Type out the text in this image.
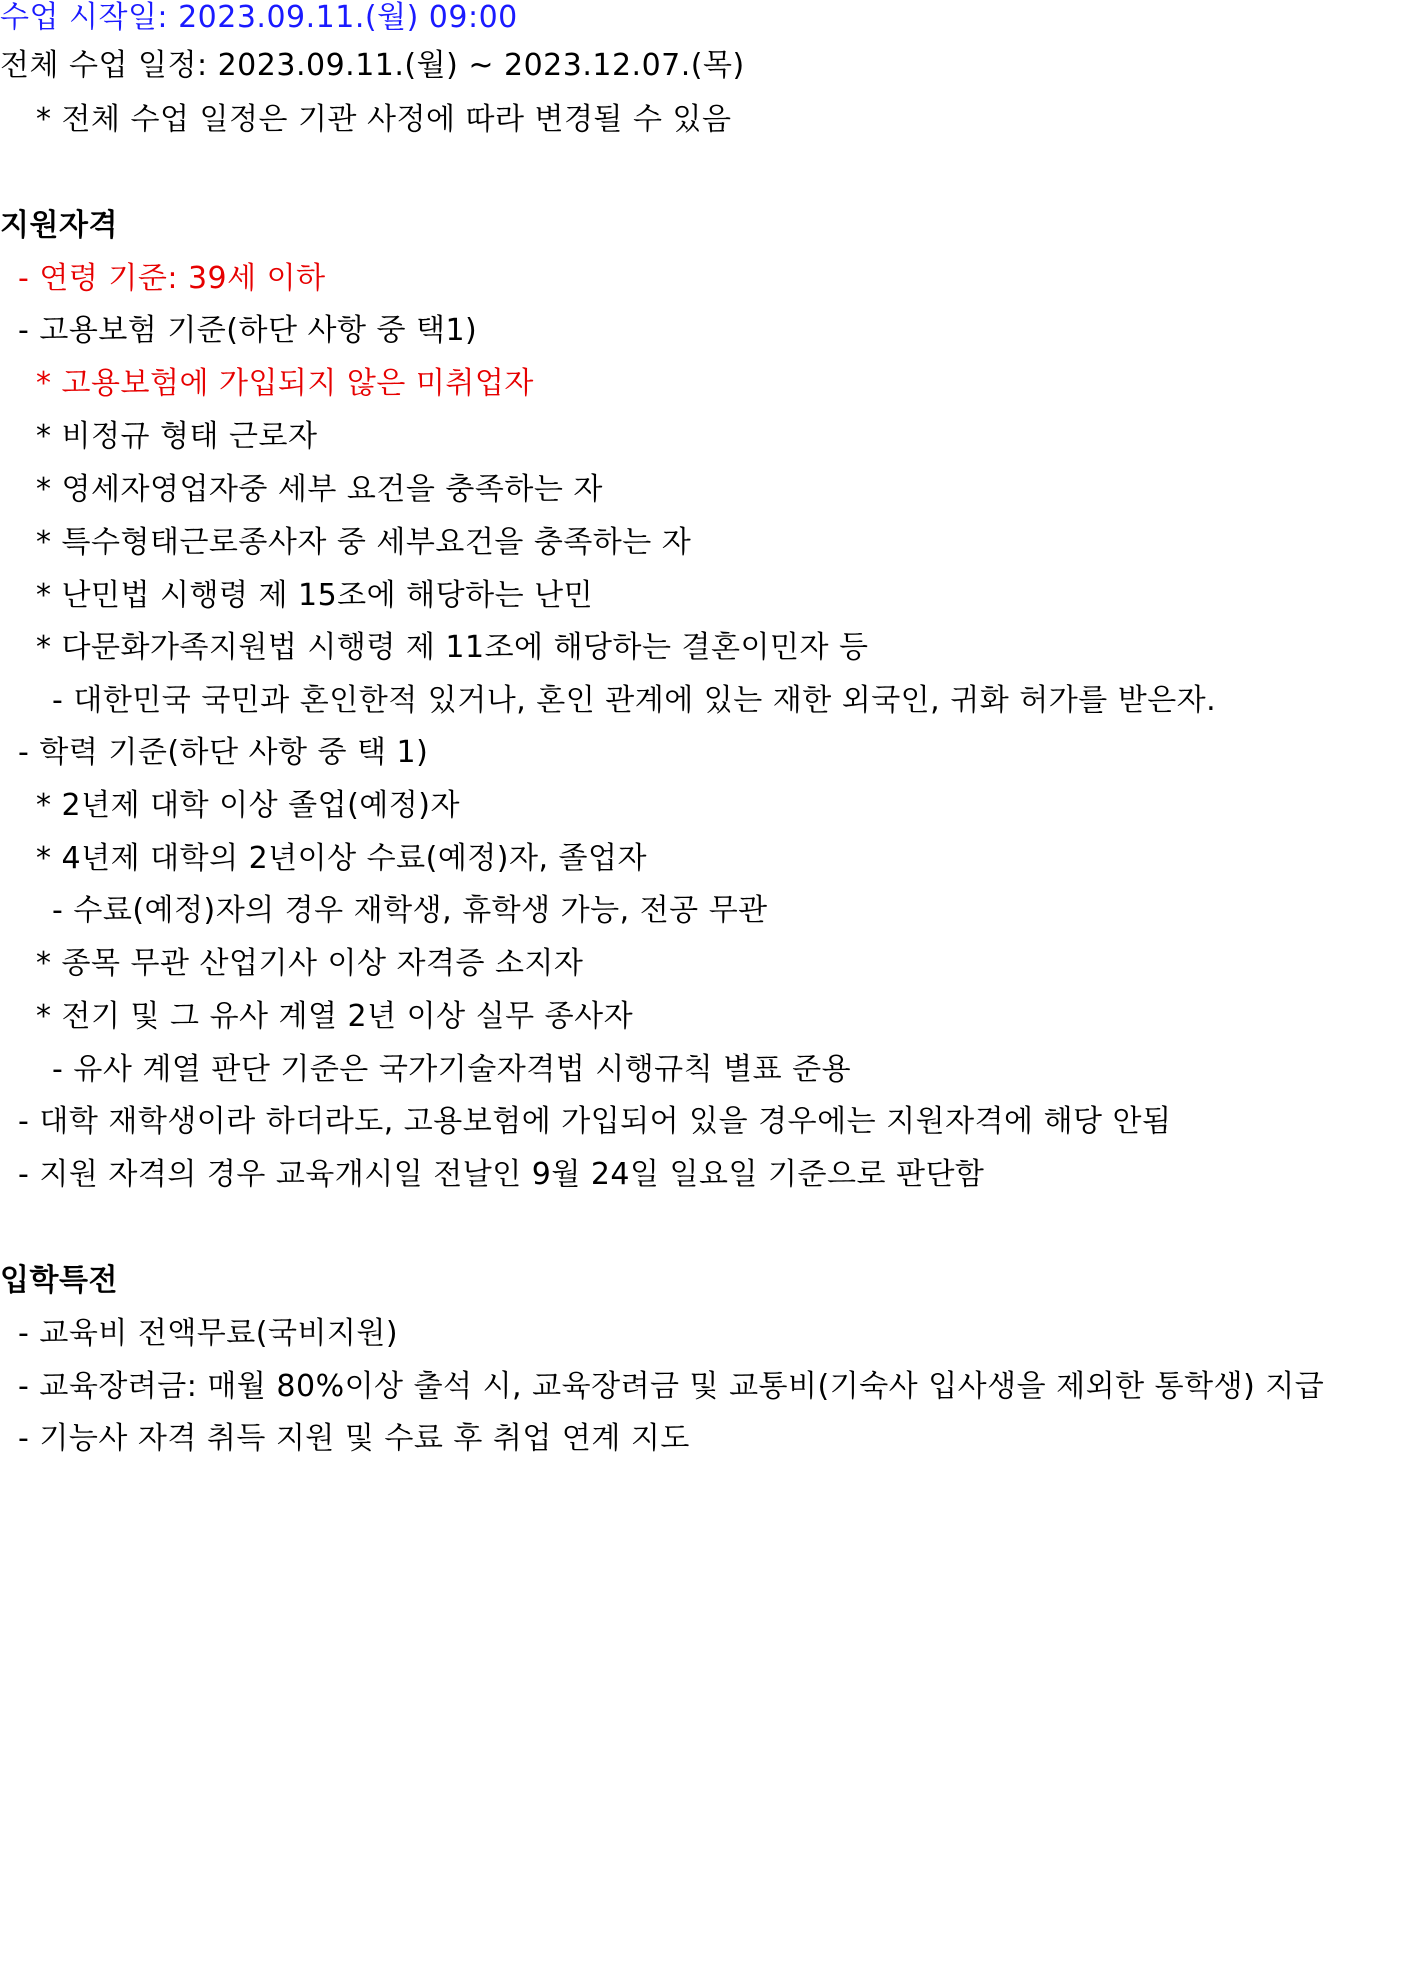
수업 시작일: 2023.09.11.(월) 09:00
전체 수업 일정: 2023.09.11.(월) ~ 2023.12.07.(목)
* 전체 수업 일정은 기관 사정에 따라 변경될 수 있음
지원자격
- 연령 기준: 39세 이하
- 고용보험 기준(하단 사항 중 택1)
* 고용보험에 가입되지 않은 미취업자
* 비정규 형태 근로자
* 영세자영업자중 세부 요건을 충족하는 자
* 특수형태근로종사자 중 세부요건을 충족하는 자
* 난민법 시행령 제 15조에 해당하는 난민
* 다문화가족지원법 시행령 제 11조에 해당하는 결혼이민자 등
- 대한민국 국민과 혼인한적 있거나, 혼인 관계에 있는 재한 외국인, 귀화 허가를 받은자.
- 학력 기준(하단 사항 중 택 1)
* 2년제 대학 이상 졸업(예정)자
* 4년제 대학의 2년이상 수료(예정)자, 졸업자
- 수료(예정)자의 경우 재학생, 휴학생 가능, 전공 무관
* 종목 무관 산업기사 이상 자격증 소지자
* 전기 및 그 유사 계열 2년 이상 실무 종사자
- 유사 계열 판단 기준은 국가기술자격법 시행규칙 별표 준용
- 대학 재학생이라 하더라도, 고용보험에 가입되어 있을 경우에는 지원자격에 해당 안됨
- 지원 자격의 경우 교육개시일 전날인 9월 24일 일요일 기준으로 판단함
입학특전
- 교육비 전액무료(국비지원)
- 교육장려금: 매월 80%이상 출석 시, 교육장려금 및 교통비(기숙사 입사생을 제외한 통학생) 지급
- 기능사 자격 취득 지원 및 수료 후 취업 연계 지도
